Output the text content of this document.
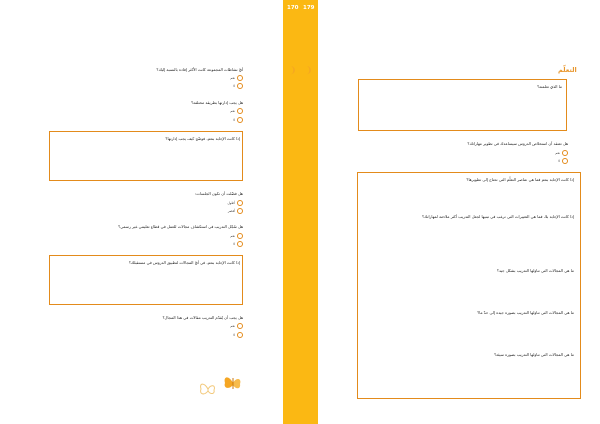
170 179
❩ ❩	التعلّم
ما الذي تعلمته؟
هل تعتقد أن استخلاص الدروس سيساعدك في تطوير مهاراتك؟
نعم
لا
إذا كانت الإجابة بنعم فما هي عناصر التعلّم التي تحتاج إلى تطويرها؟
إذا كانت الإجابة بلا، فما هي التغييرات التي ترغب في تبنيها لجعل التدريب أكثر ملاءمة لمهاراتك؟
ما هي المجالات التي تناولها التدريب بشكل جيد؟
ما هي المجالات التي تناولها التدريب بصورة جيدة إلى حدّ ما؟
ما هي المجالات التي تناولها التدريب بصورة سيئة؟
أيّ نشاطات المجموعة كانت الأكثر إفادة بالنسبة إليك؟
نعم
لا
هل يجب إدارتها بطريقة مختلفة؟
نعم
لا
إذا كانت الإجابة بنعم، فوضّح كيف يجب إدارتها؟
هل فضّلت أن تكون الجلسات:
أطول
أقصر
هل سُجّل التدريب في استكشاف مجالات للعمل في قطاع تعليمي غير رسمي؟
نعم
لا
إذا كانت الإجابة بنعم، في أيّ المجالات لتطبيق الدروس في مستقبلك؟
هل يجب أن يُقدّم التدريب مقالات في هذا المجال؟
نعم
لا
